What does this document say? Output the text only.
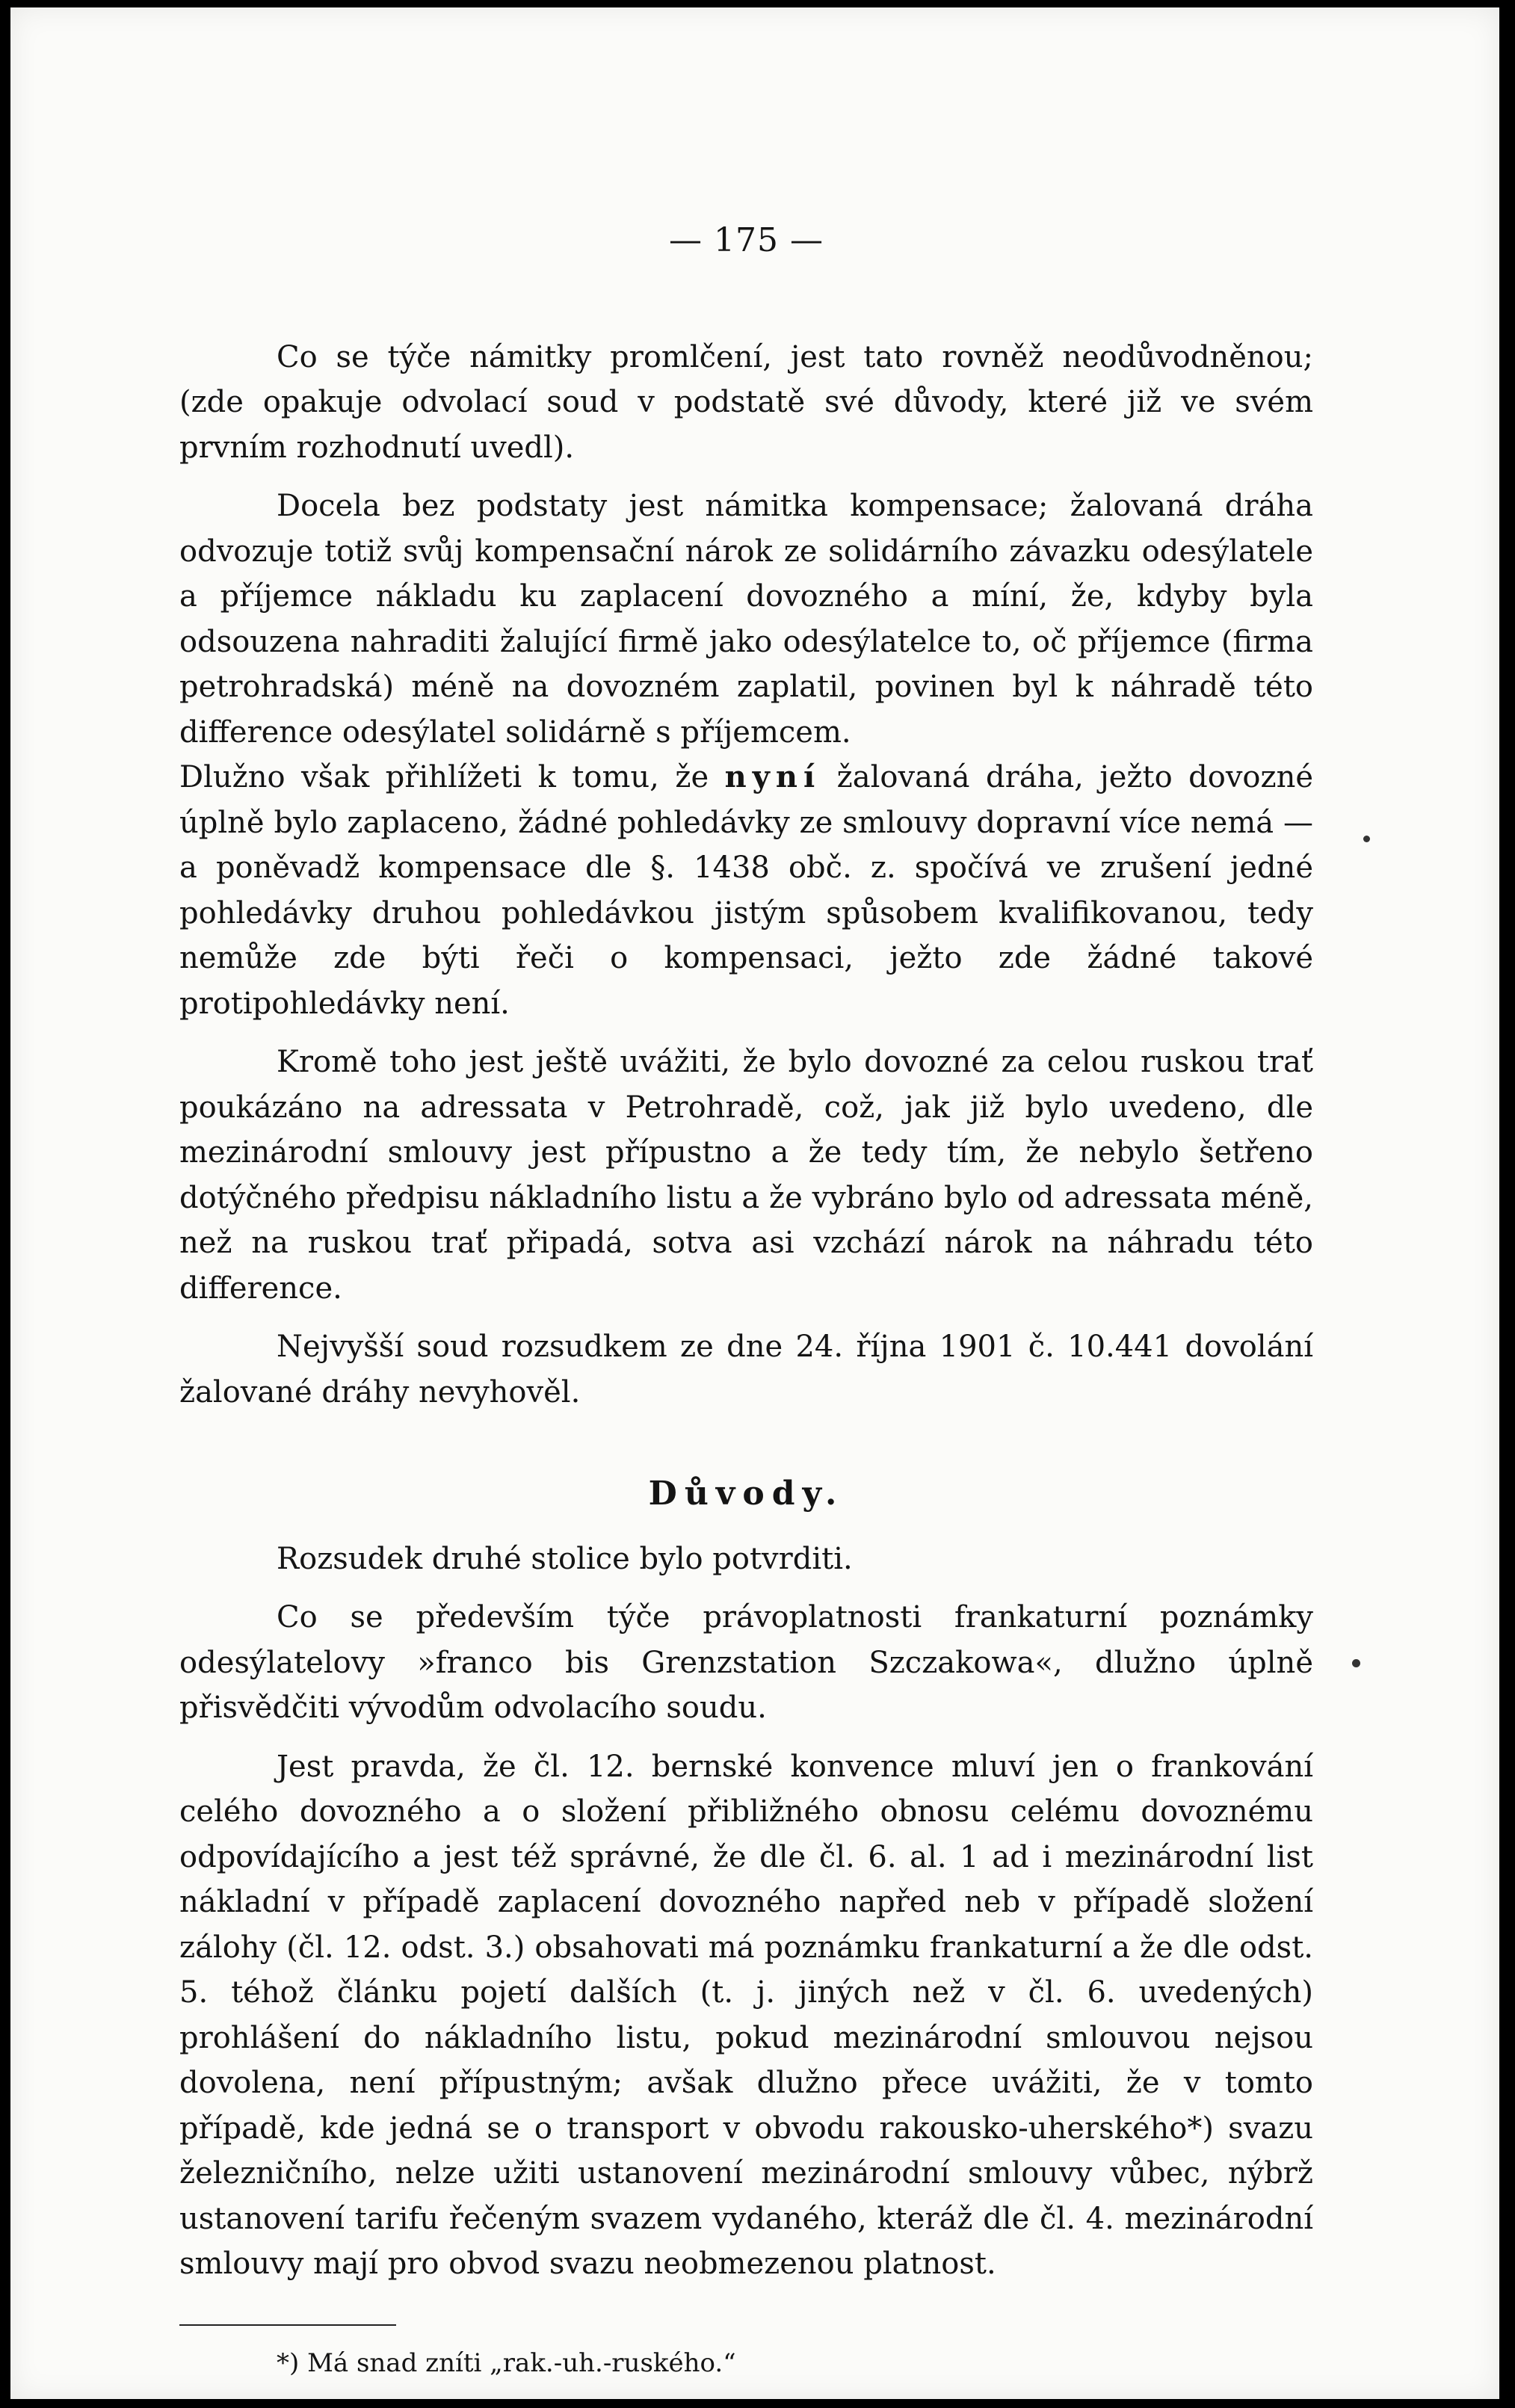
— 175 —

Co se týče námitky promlčení, jest tato rovněž neodůvodněnou; (zde opakuje odvolací soud v podstatě své důvody, které již ve svém prvním rozhodnutí uvedl).

Docela bez podstaty jest námitka kompensace; žalovaná dráha odvozuje totiž svůj kompensační nárok ze solidárního závazku odesýlatele a příjemce nákladu ku zaplacení dovozného a míní, že, kdyby byla odsouzena nahraditi žalující firmě jako odesýlatelce to, oč příjemce (firma petrohradská) méně na dovozném zaplatil, povinen byl k náhradě této difference odesýlatel solidárně s příjemcem.

Dlužno však přihlížeti k tomu, že nyní žalovaná dráha, ježto dovozné úplně bylo zaplaceno, žádné pohledávky ze smlouvy dopravní více nemá — a poněvadž kompensace dle §. 1438 obč. z. spočívá ve zrušení jedné pohledávky druhou pohledávkou jistým spůsobem kvalifikovanou, tedy nemůže zde býti řeči o kompensaci, ježto zde žádné takové protipohledávky není.

Kromě toho jest ještě uvážiti, že bylo dovozné za celou ruskou trať poukázáno na adressata v Petrohradě, což, jak již bylo uvedeno, dle mezinárodní smlouvy jest přípustno a že tedy tím, že nebylo šetřeno dotýčného předpisu nákladního listu a že vybráno bylo od adressata méně, než na ruskou trať připadá, sotva asi vzchází nárok na náhradu této difference.

Nejvyšší soud rozsudkem ze dne 24. října 1901 č. 10.441 dovolání žalované dráhy nevyhověl.

Důvody.

Rozsudek druhé stolice bylo potvrditi.

Co se především týče právoplatnosti frankaturní poznámky odesýlatelovy »franco bis Grenzstation Szczakowa«, dlužno úplně přisvědčiti vývodům odvolacího soudu.

Jest pravda, že čl. 12. bernské konvence mluví jen o frankování celého dovozného a o složení přibližného obnosu celému dovoznému odpovídajícího a jest též správné, že dle čl. 6. al. 1 ad i mezinárodní list nákladní v případě zaplacení dovozného napřed neb v případě složení zálohy (čl. 12. odst. 3.) obsahovati má poznámku frankaturní a že dle odst. 5. téhož článku pojetí dalších (t. j. jiných než v čl. 6. uvedených) prohlášení do nákladního listu, pokud mezinárodní smlouvou nejsou dovolena, není přípustným; avšak dlužno přece uvážiti, že v tomto případě, kde jedná se o transport v obvodu rakousko-uherského*) svazu železničního, nelze užiti ustanovení mezinárodní smlouvy vůbec, nýbrž ustanovení tarifu řečeným svazem vydaného, kteráž dle čl. 4. mezinárodní smlouvy mají pro obvod svazu neobmezenou platnost.

*) Má snad zníti „rak.-uh.-ruského.“
